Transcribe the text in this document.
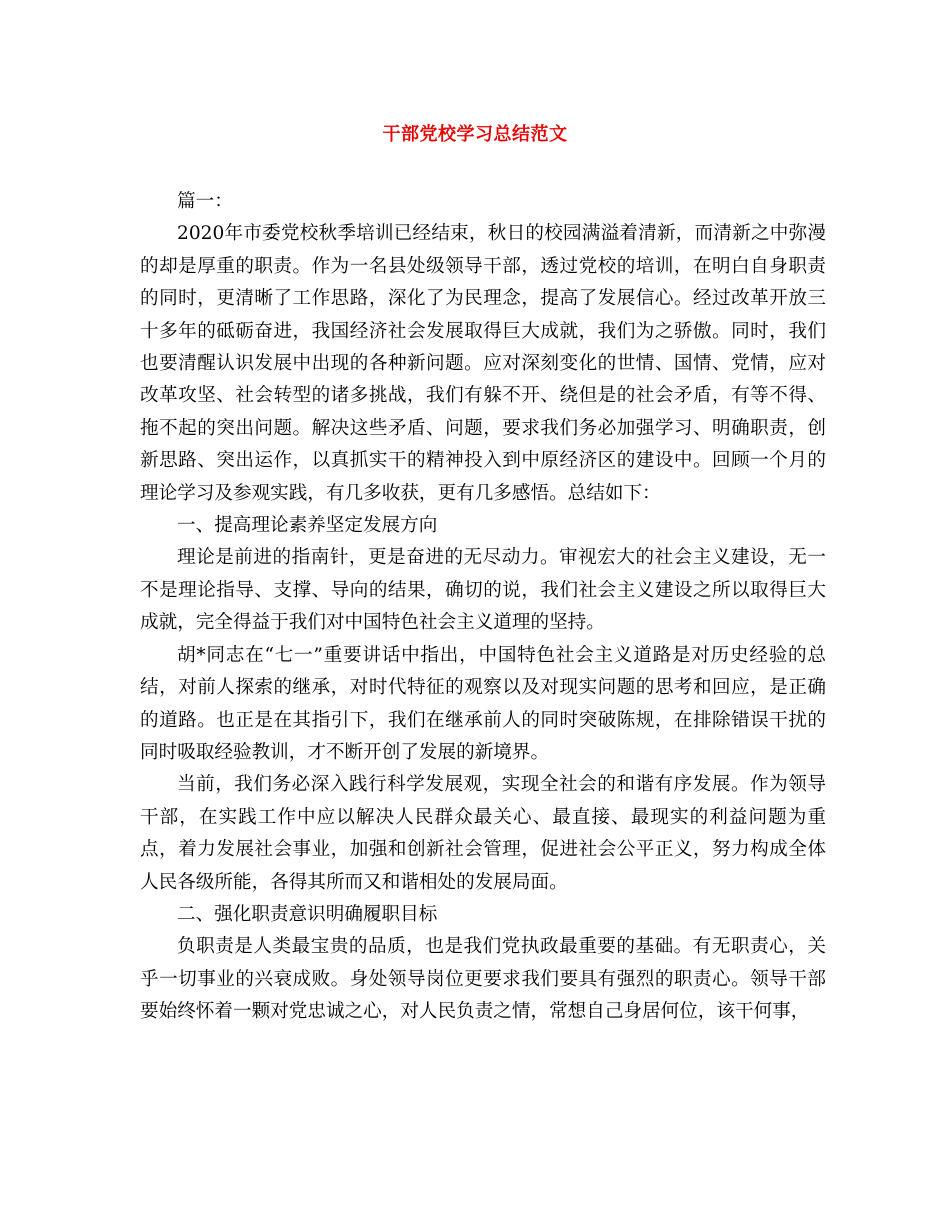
干部党校学习总结范文

篇一：

2020年市委党校秋季培训已经结束，秋日的校园满溢着清新，而清新之中弥漫的却是厚重的职责。作为一名县处级领导干部，透过党校的培训，在明白自身职责的同时，更清晰了工作思路，深化了为民理念，提高了发展信心。经过改革开放三十多年的砥砺奋进，我国经济社会发展取得巨大成就，我们为之骄傲。同时，我们也要清醒认识发展中出现的各种新问题。应对深刻变化的世情、国情、党情，应对改革攻坚、社会转型的诸多挑战，我们有躲不开、绕但是的社会矛盾，有等不得、拖不起的突出问题。解决这些矛盾、问题，要求我们务必加强学习、明确职责，创新思路、突出运作，以真抓实干的精神投入到中原经济区的建设中。回顾一个月的理论学习及参观实践，有几多收获，更有几多感悟。总结如下：

一、提高理论素养坚定发展方向

理论是前进的指南针，更是奋进的无尽动力。审视宏大的社会主义建设，无一不是理论指导、支撑、导向的结果，确切的说，我们社会主义建设之所以取得巨大成就，完全得益于我们对中国特色社会主义道理的坚持。

胡*同志在“七一”重要讲话中指出，中国特色社会主义道路是对历史经验的总结，对前人探索的继承，对时代特征的观察以及对现实问题的思考和回应，是正确的道路。也正是在其指引下，我们在继承前人的同时突破陈规，在排除错误干扰的同时吸取经验教训，才不断开创了发展的新境界。

当前，我们务必深入践行科学发展观，实现全社会的和谐有序发展。作为领导干部，在实践工作中应以解决人民群众最关心、最直接、最现实的利益问题为重点，着力发展社会事业，加强和创新社会管理，促进社会公平正义，努力构成全体人民各级所能，各得其所而又和谐相处的发展局面。

二、强化职责意识明确履职目标

负职责是人类最宝贵的品质，也是我们党执政最重要的基础。有无职责心，关乎一切事业的兴衰成败。身处领导岗位更要求我们要具有强烈的职责心。领导干部要始终怀着一颗对党忠诚之心，对人民负责之情，常想自己身居何位，该干何事，
